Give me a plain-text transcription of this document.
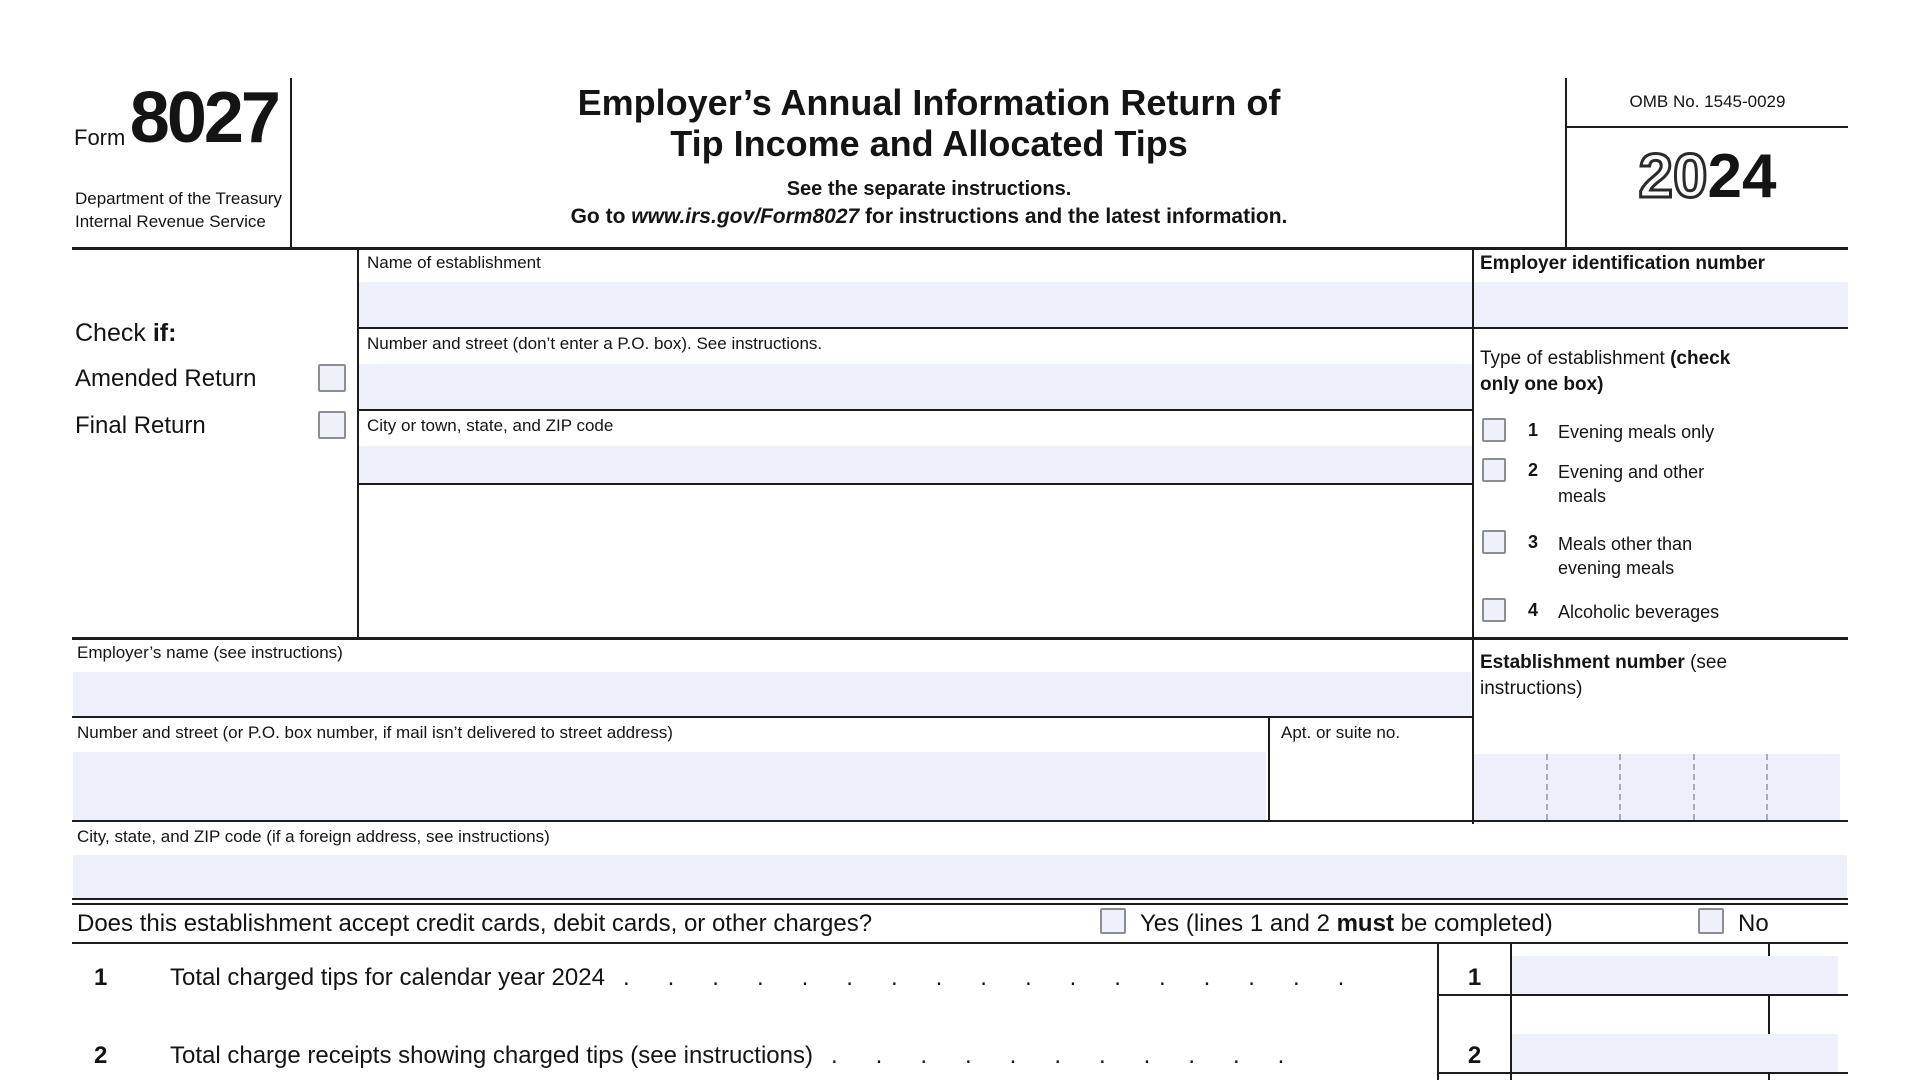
Form 8027
Department of the Treasury
Internal Revenue Service
Employer’s Annual Information Return of
Tip Income and Allocated Tips
See the separate instructions.
Go to www.irs.gov/Form8027 for instructions and the latest information.
OMB No. 1545-0029
2024
Check if:
Amended Return
Final Return
Name of establishment
Number and street (don’t enter a P.O. box). See instructions.
City or town, state, and ZIP code
Employer identification number
Type of establishment (check only one box)
1 Evening meals only
2 Evening and other meals
3 Meals other than evening meals
4 Alcoholic beverages
Establishment number (see instructions)
Employer’s name (see instructions)
Number and street (or P.O. box number, if mail isn’t delivered to street address)	Apt. or suite no.
City, state, and ZIP code (if a foreign address, see instructions)
Does this establishment accept credit cards, debit cards, or other charges?	Yes (lines 1 and 2 must be completed)	No
1	Total charged tips for calendar year 2024 .................	1
2	Total charge receipts showing charged tips (see instructions) ...........	2
